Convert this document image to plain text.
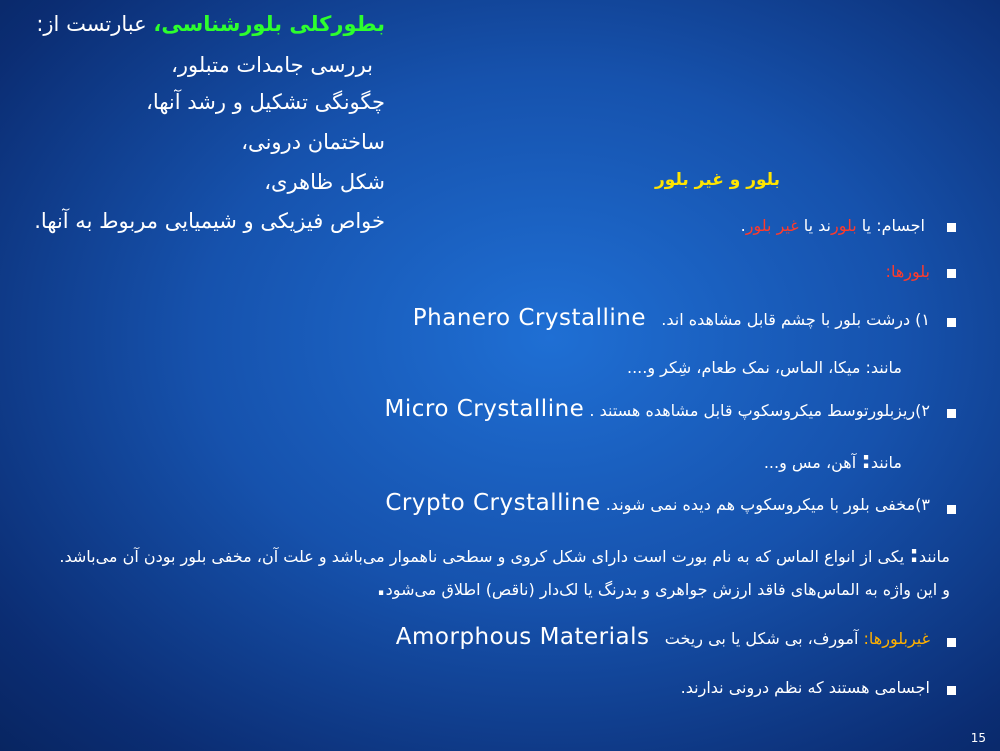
بطورکلی بلورشناسی، عبارتست از:
بررسی جامدات متبلور،
چگونگی تشکیل و رشد آنها،
ساختمان درونی،
شکل ظاهری،
خواص فیزیکی و شیمیایی مربوط به آنها.
بلور و غیر بلور
اجسام: یا بلورند یا غیر بلور.
بلورها:
۱) درشت بلور با چشم قابل مشاهده اند.   Phanero Crystalline
مانند: میکا، الماس، نمک طعام، شِکر و....
۲)ریزبلورتوسط میکروسکوپ قابل مشاهده هستند . Micro Crystalline
مانند: آهن، مس و...
۳)مخفی بلور با میکروسکوپ هم دیده نمی شوند. Crypto Crystalline
مانند: یکی از انواع الماس که به نام بورت است دارای شکل کروی و سطحی ناهموار می‌باشد و علت آن، مخفی بلور بودن آن می‌باشد. و این واژه به الماس‌های فاقد ارزش جواهری و بدرنگ یا لک‌دار (ناقص) اطلاق می‌شود.
غیربلورها: آمورف، بی شکل یا بی ریخت   Amorphous Materials
اجسامی هستند که نظم درونی ندارند.
15
